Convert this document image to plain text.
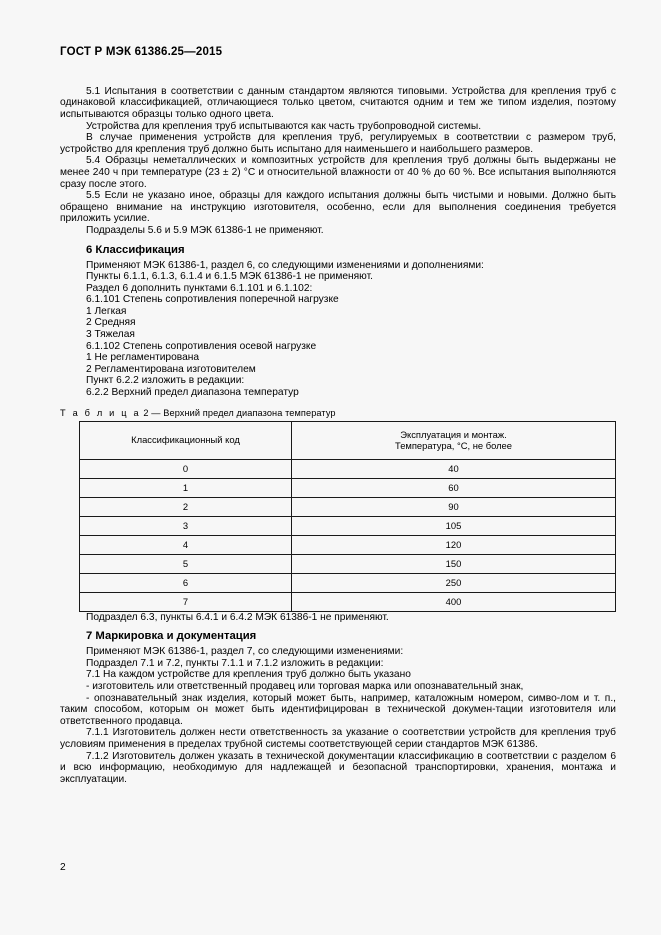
ГОСТ Р МЭК 61386.25—2015

5.1 Испытания в соответствии с данным стандартом являются типовыми. Устройства для крепления труб с одинаковой классификацией, отличающиеся только цветом, считаются одним и тем же типом изделия, поэтому испытываются образцы только одного цвета.

Устройства для крепления труб испытываются как часть трубопроводной системы.

В случае применения устройств для крепления труб, регулируемых в соответствии с размером труб, устройство для крепления труб должно быть испытано для наименьшего и наибольшего размеров.

5.4 Образцы неметаллических и композитных устройств для крепления труб должны быть выдержаны не менее 240 ч при температуре (23 ± 2) °С и относительной влажности от 40 % до 60 %. Все испытания выполняются сразу после этого.

5.5 Если не указано иное, образцы для каждого испытания должны быть чистыми и новыми. Должно быть обращено внимание на инструкцию изготовителя, особенно, если для выполнения соединения требуется приложить усилие.

Подразделы 5.6 и 5.9 МЭК 61386-1 не применяют.

6 Классификация

Применяют МЭК 61386-1, раздел 6, со следующими изменениями и дополнениями:

Пункты 6.1.1, 6.1.3, 6.1.4 и 6.1.5 МЭК 61386-1 не применяют.

Раздел 6 дополнить пунктами 6.1.101 и 6.1.102:

6.1.101 Степень сопротивления поперечной нагрузке

1 Легкая

2 Средняя

3 Тяжелая

6.1.102 Степень сопротивления осевой нагрузке

1 Не регламентирована

2 Регламентирована изготовителем

Пункт 6.2.2 изложить в редакции:

6.2.2 Верхний предел диапазона температур

Т а б л и ц а 2 — Верхний предел диапазона температур
Классификационный код	Эксплуатация и монтаж.
Температура, °С, не более
0	40
1	60
2	90
3	105
4	120
5	150
6	250
7	400

Подраздел 6.3, пункты 6.4.1 и 6.4.2 МЭК 61386-1 не применяют.

7 Маркировка и документация

Применяют МЭК 61386-1, раздел 7, со следующими изменениями:

Подраздел 7.1 и 7.2, пункты 7.1.1 и 7.1.2 изложить в редакции:

7.1 На каждом устройстве для крепления труб должно быть указано

- изготовитель или ответственный продавец или торговая марка или опознавательный знак,

- опознавательный знак изделия, который может быть, например, каталожным номером, симво-лом и т. п., таким способом, которым он может быть идентифицирован в технической докумен-тации изготовителя или ответственного продавца.

7.1.1 Изготовитель должен нести ответственность за указание о соответствии устройств для крепления труб условиям применения в пределах трубной системы соответствующей серии стандартов МЭК 61386.

7.1.2 Изготовитель должен указать в технической документации классификацию в соответствии с разделом 6 и всю информацию, необходимую для надлежащей и безопасной транспортировки, хранения, монтажа и эксплуатации.

2
